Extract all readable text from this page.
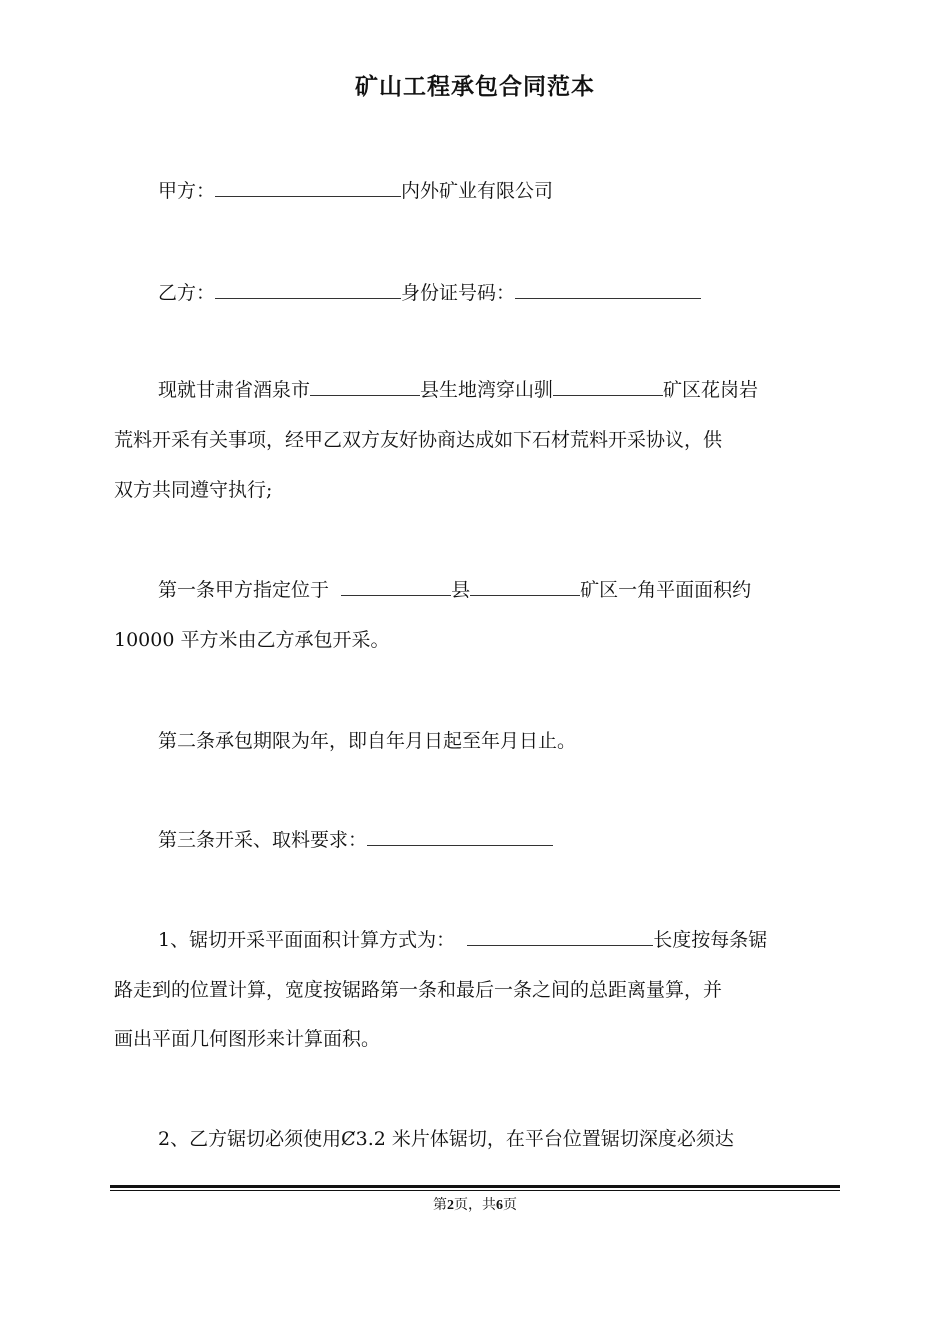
矿山工程承包合同范本
甲方：	内外矿业有限公司
乙方：	身份证号码：
现就甘肃省酒泉市	县生地湾穿山驯	矿区花岗岩
荒料开采有关事项，经甲乙双方友好协商达成如下石材荒料开采协议，供
双方共同遵守执行;
第一条甲方指定位于	县	矿区一角平面面积约
10000 平方米由乙方承包开采。
第二条承包期限为年，即自年月日起至年月日止。
第三条开采、取料要求：
1、锯切开采平面面积计算方式为：	长度按每条锯
路走到的位置计算，宽度按锯路第一条和最后一条之间的总距离量算，并
画出平面几何图形来计算面积。
2、乙方锯切必须使用Ȼ3.2 米片体锯切，在平台位置锯切深度必须达
第2页，共6页
